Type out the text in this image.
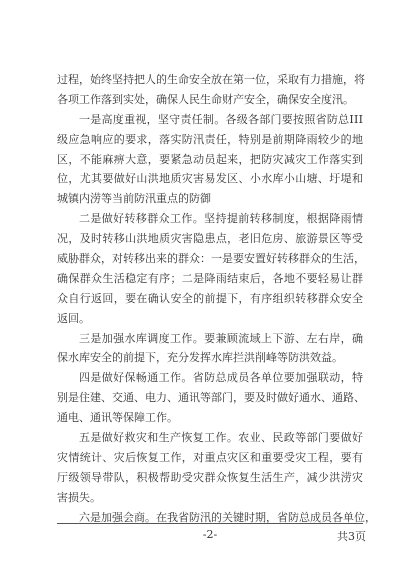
过 程 ， 始 终 坚 持 把 人 的 生 命 安 全 放 在 第 一 位 ， 采 取 有 力 措 施 ， 将
各项工作落到实处，确保人民生命财产安全，确保安全度汛。
一 是 高 度 重 视 ， 坚 守 责 任 制 。 各 级 各 部 门 要 按 照 省 防 总 I I I
级 应 急 响 应 的 要 求 ， 落 实 防 汛 责 任 ， 特 别 是 前 期 降 雨 较 少 的 地
区 ， 不 能 麻 痹 大 意 ， 要 紧 急 动 员 起 来 ， 把 防 灾 减 灾 工 作 落 实 到
位 ， 尤 其 要 做 好 山 洪 地 质 灾 害 易 发 区 、 小 水 库 小 山 塘 、 圩 堤 和
城镇内涝等当前防汛重点的防御
二 是 做 好 转 移 群 众 工 作 。 坚 持 提 前 转 移 制 度 ， 根 据 降 雨 情
况 ， 及 时 转 移 山 洪 地 质 灾 害 隐 患 点 ， 老 旧 危 房 、 旅 游 景 区 等 受
威 胁 群 众 ， 对 转 移 出 来 的 群 众 ： 一 是 要 安 置 好 转 移 群 众 的 生 活 ，
确 保 群 众 生 活 稳 定 有 序 ； 二 是 降 雨 结 束 后 ， 各 地 不 要 轻 易 让 群
众 自 行 返 回 ， 要 在 确 认 安 全 的 前 提 下 ， 有 序 组 织 转 移 群 众 安 全
返回。
三 是 加 强 水 库 调 度 工 作 。 要 兼 顾 流 域 上 下 游 、 左 右 岸 ， 确
保水库安全的前提下，充分发挥水库拦洪削峰等防洪效益。
四 是 做 好 保 畅 通 工 作 。 省 防 总 成 员 各 单 位 要 加 强 联 动 ， 特
别 是 住 建 、 交 通 、 电 力 、 通 讯 等 部 门 ， 要 及 时 做 好 通 水 、 通 路 、
通电、通讯等保障工作。
五 是 做 好 救 灾 和 生 产 恢 复 工 作 。 农 业 、 民 政 等 部 门 要 做 好
灾 情 统 计 、 灾 后 恢 复 工 作 ， 对 重 点 灾 区 和 重 要 受 灾 工 程 ， 要 有
厅 级 领 导 带 队 ， 积 极 帮 助 受 灾 群 众 恢 复 生 活 生 产 ， 减 少 洪 涝 灾
害损失。
六是加强会商。在我省防汛的关键时期，省防总成员各单位，
-2-	共3页
